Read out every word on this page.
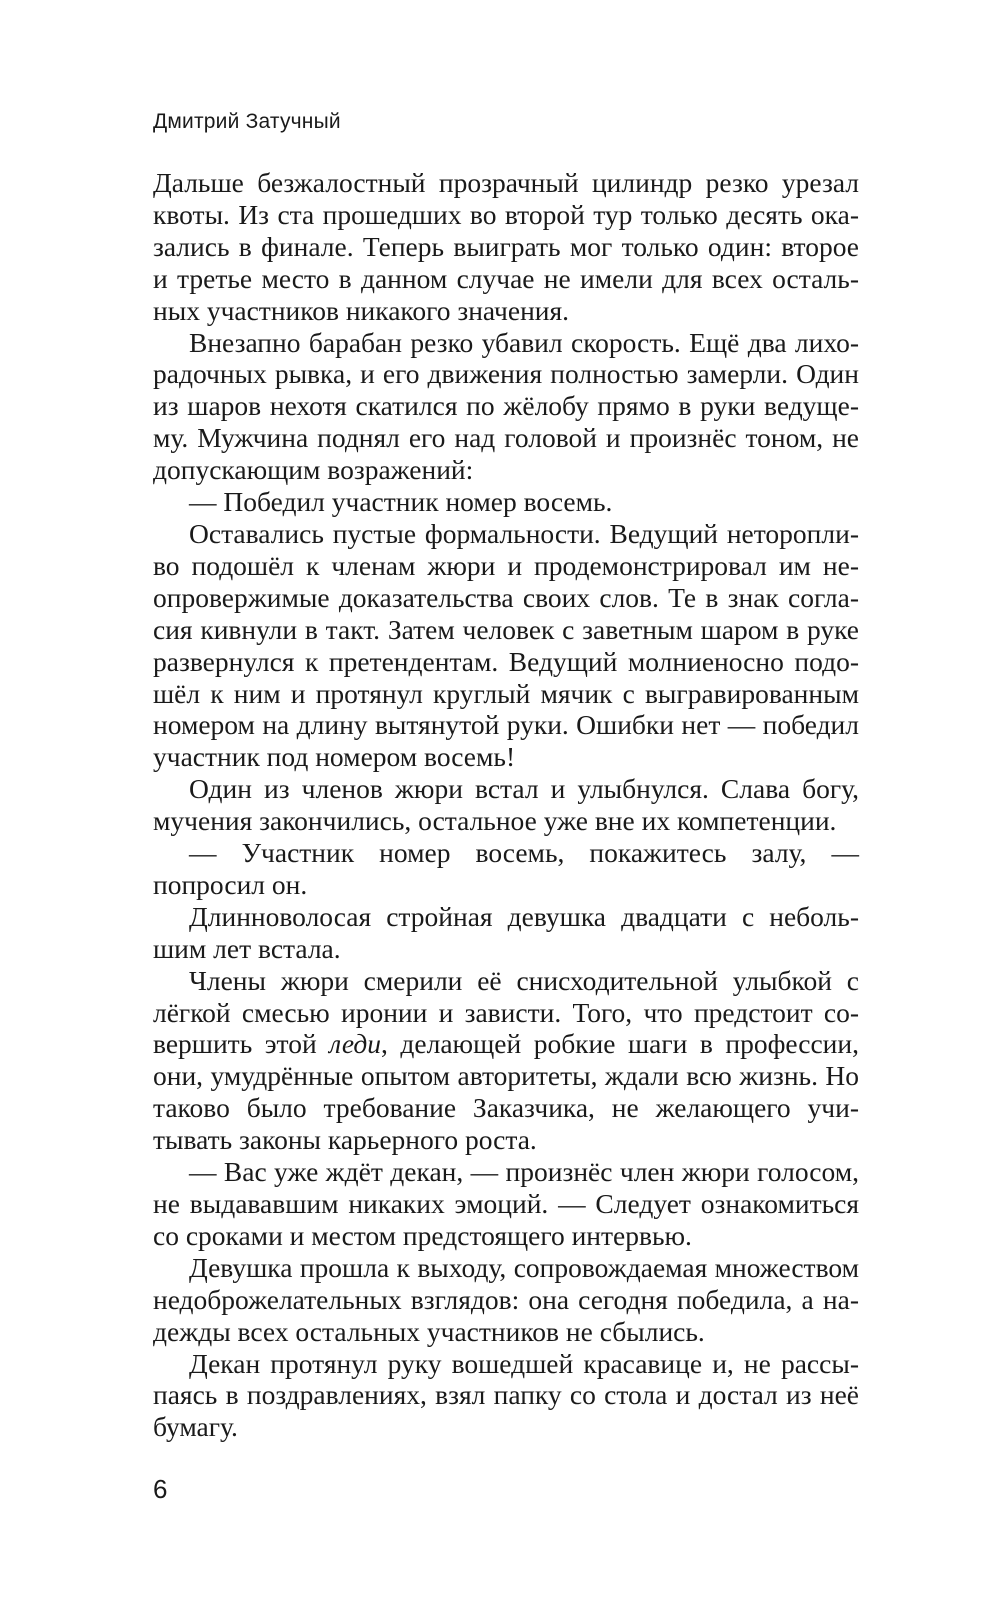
Дмитрий Затучный

Дальше безжалостный прозрачный цилиндр резко урезал квоты. Из ста прошедших во второй тур только десять оказались в финале. Теперь выиграть мог только один: второе и третье место в данном случае не имели для всех остальных участников никакого значения.

Внезапно барабан резко убавил скорость. Ещё два лихорадочных рывка, и его движения полностью замерли. Один из шаров нехотя скатился по жёлобу прямо в руки ведущему. Мужчина поднял его над головой и произнёс тоном, не допускающим возражений:

— Победил участник номер восемь.

Оставались пустые формальности. Ведущий неторопливо подошёл к членам жюри и продемонстрировал им неопровержимые доказательства своих слов. Те в знак согласия кивнули в такт. Затем человек с заветным шаром в руке развернулся к претендентам. Ведущий молниеносно подошёл к ним и протянул круглый мячик с выгравированным номером на длину вытянутой руки. Ошибки нет — победил участник под номером восемь!

Один из членов жюри встал и улыбнулся. Слава богу, мучения закончились, остальное уже вне их компетенции.

— Участник номер восемь, покажитесь залу, — попросил он.

Длинноволосая стройная девушка двадцати с небольшим лет встала.

Члены жюри смерили её снисходительной улыбкой с лёгкой смесью иронии и зависти. Того, что предстоит совершить этой леди, делающей робкие шаги в профессии, они, умудрённые опытом авторитеты, ждали всю жизнь. Но таково было требование Заказчика, не желающего учитывать законы карьерного роста.

— Вас уже ждёт декан, — произнёс член жюри голосом, не выдававшим никаких эмоций. — Следует ознакомиться со сроками и местом предстоящего интервью.

Девушка прошла к выходу, сопровождаемая множеством недоброжелательных взглядов: она сегодня победила, а надежды всех остальных участников не сбылись.

Декан протянул руку вошедшей красавице и, не рассыпаясь в поздравлениях, взял папку со стола и достал из неё бумагу.

6
